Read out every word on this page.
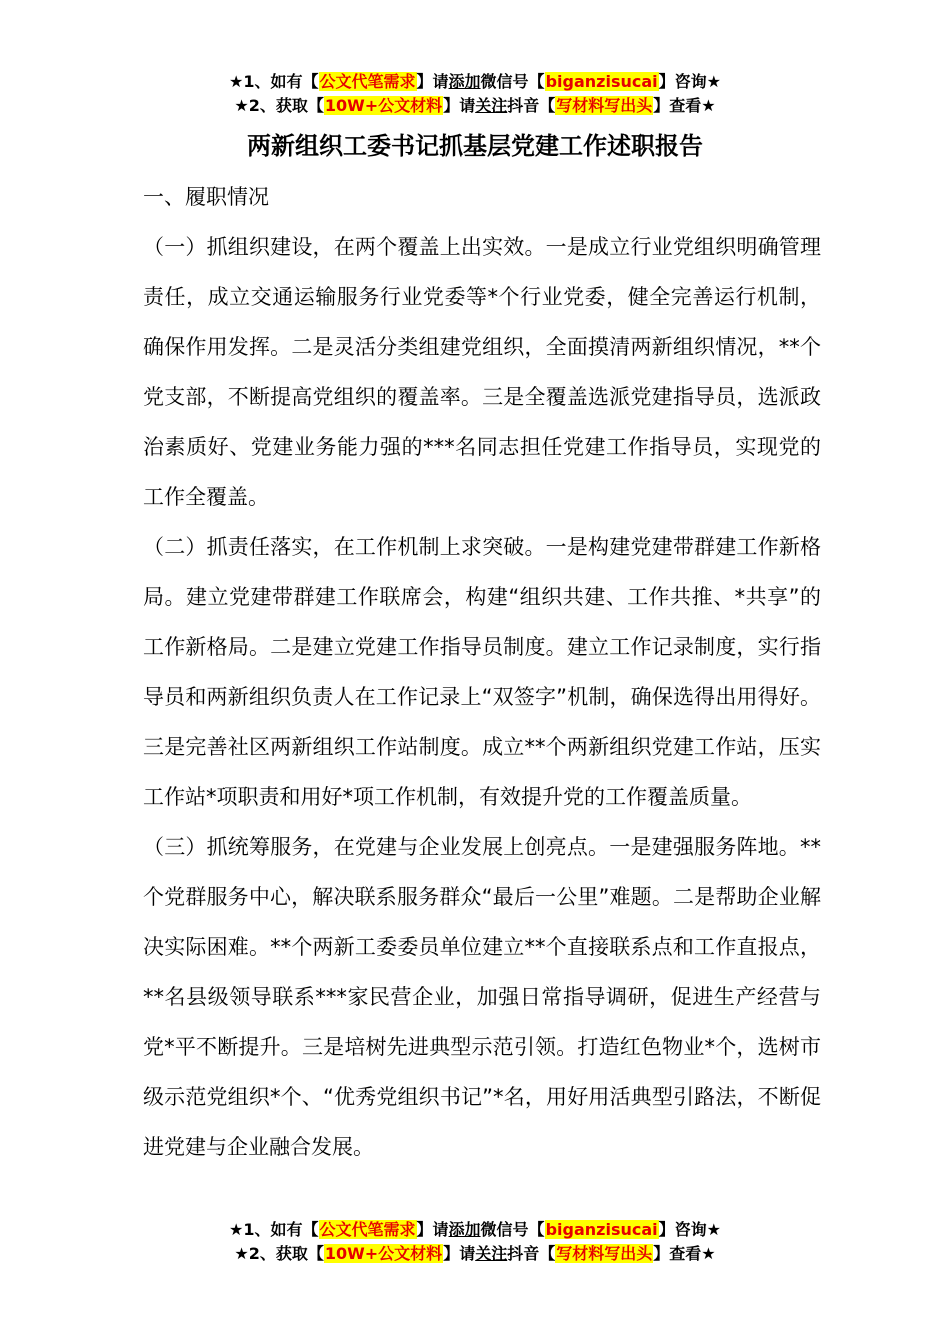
★1、如有【公文代笔需求】请添加微信号【biganzisucai】咨询★
★2、获取【10W+公文材料】请关注抖音【写材料写出头】查看★
两新组织工委书记抓基层党建工作述职报告

一、履职情况

（一）抓组织建设，在两个覆盖上出实效。一是成立行业党组织明确管理责任，成立交通运输服务行业党委等*个行业党委，健全完善运行机制，确保作用发挥。二是灵活分类组建党组织，全面摸清两新组织情况，**个党支部，不断提高党组织的覆盖率。三是全覆盖选派党建指导员，选派政治素质好、党建业务能力强的***名同志担任党建工作指导员，实现党的工作全覆盖。

（二）抓责任落实，在工作机制上求突破。一是构建党建带群建工作新格局。建立党建带群建工作联席会，构建“组织共建、工作共推、*共享”的工作新格局。二是建立党建工作指导员制度。建立工作记录制度，实行指导员和两新组织负责人在工作记录上“双签字”机制，确保选得出用得好。三是完善社区两新组织工作站制度。成立**个两新组织党建工作站，压实工作站*项职责和用好*项工作机制，有效提升党的工作覆盖质量。

（三）抓统筹服务，在党建与企业发展上创亮点。一是建强服务阵地。**个党群服务中心，解决联系服务群众“最后一公里”难题。二是帮助企业解决实际困难。**个两新工委委员单位建立**个直接联系点和工作直报点，**名县级领导联系***家民营企业，加强日常指导调研，促进生产经营与党*平不断提升。三是培树先进典型示范引领。打造红色物业*个，选树市级示范党组织*个、“优秀党组织书记”*名，用好用活典型引路法，不断促进党建与企业融合发展。

★1、如有【公文代笔需求】请添加微信号【biganzisucai】咨询★
★2、获取【10W+公文材料】请关注抖音【写材料写出头】查看★
